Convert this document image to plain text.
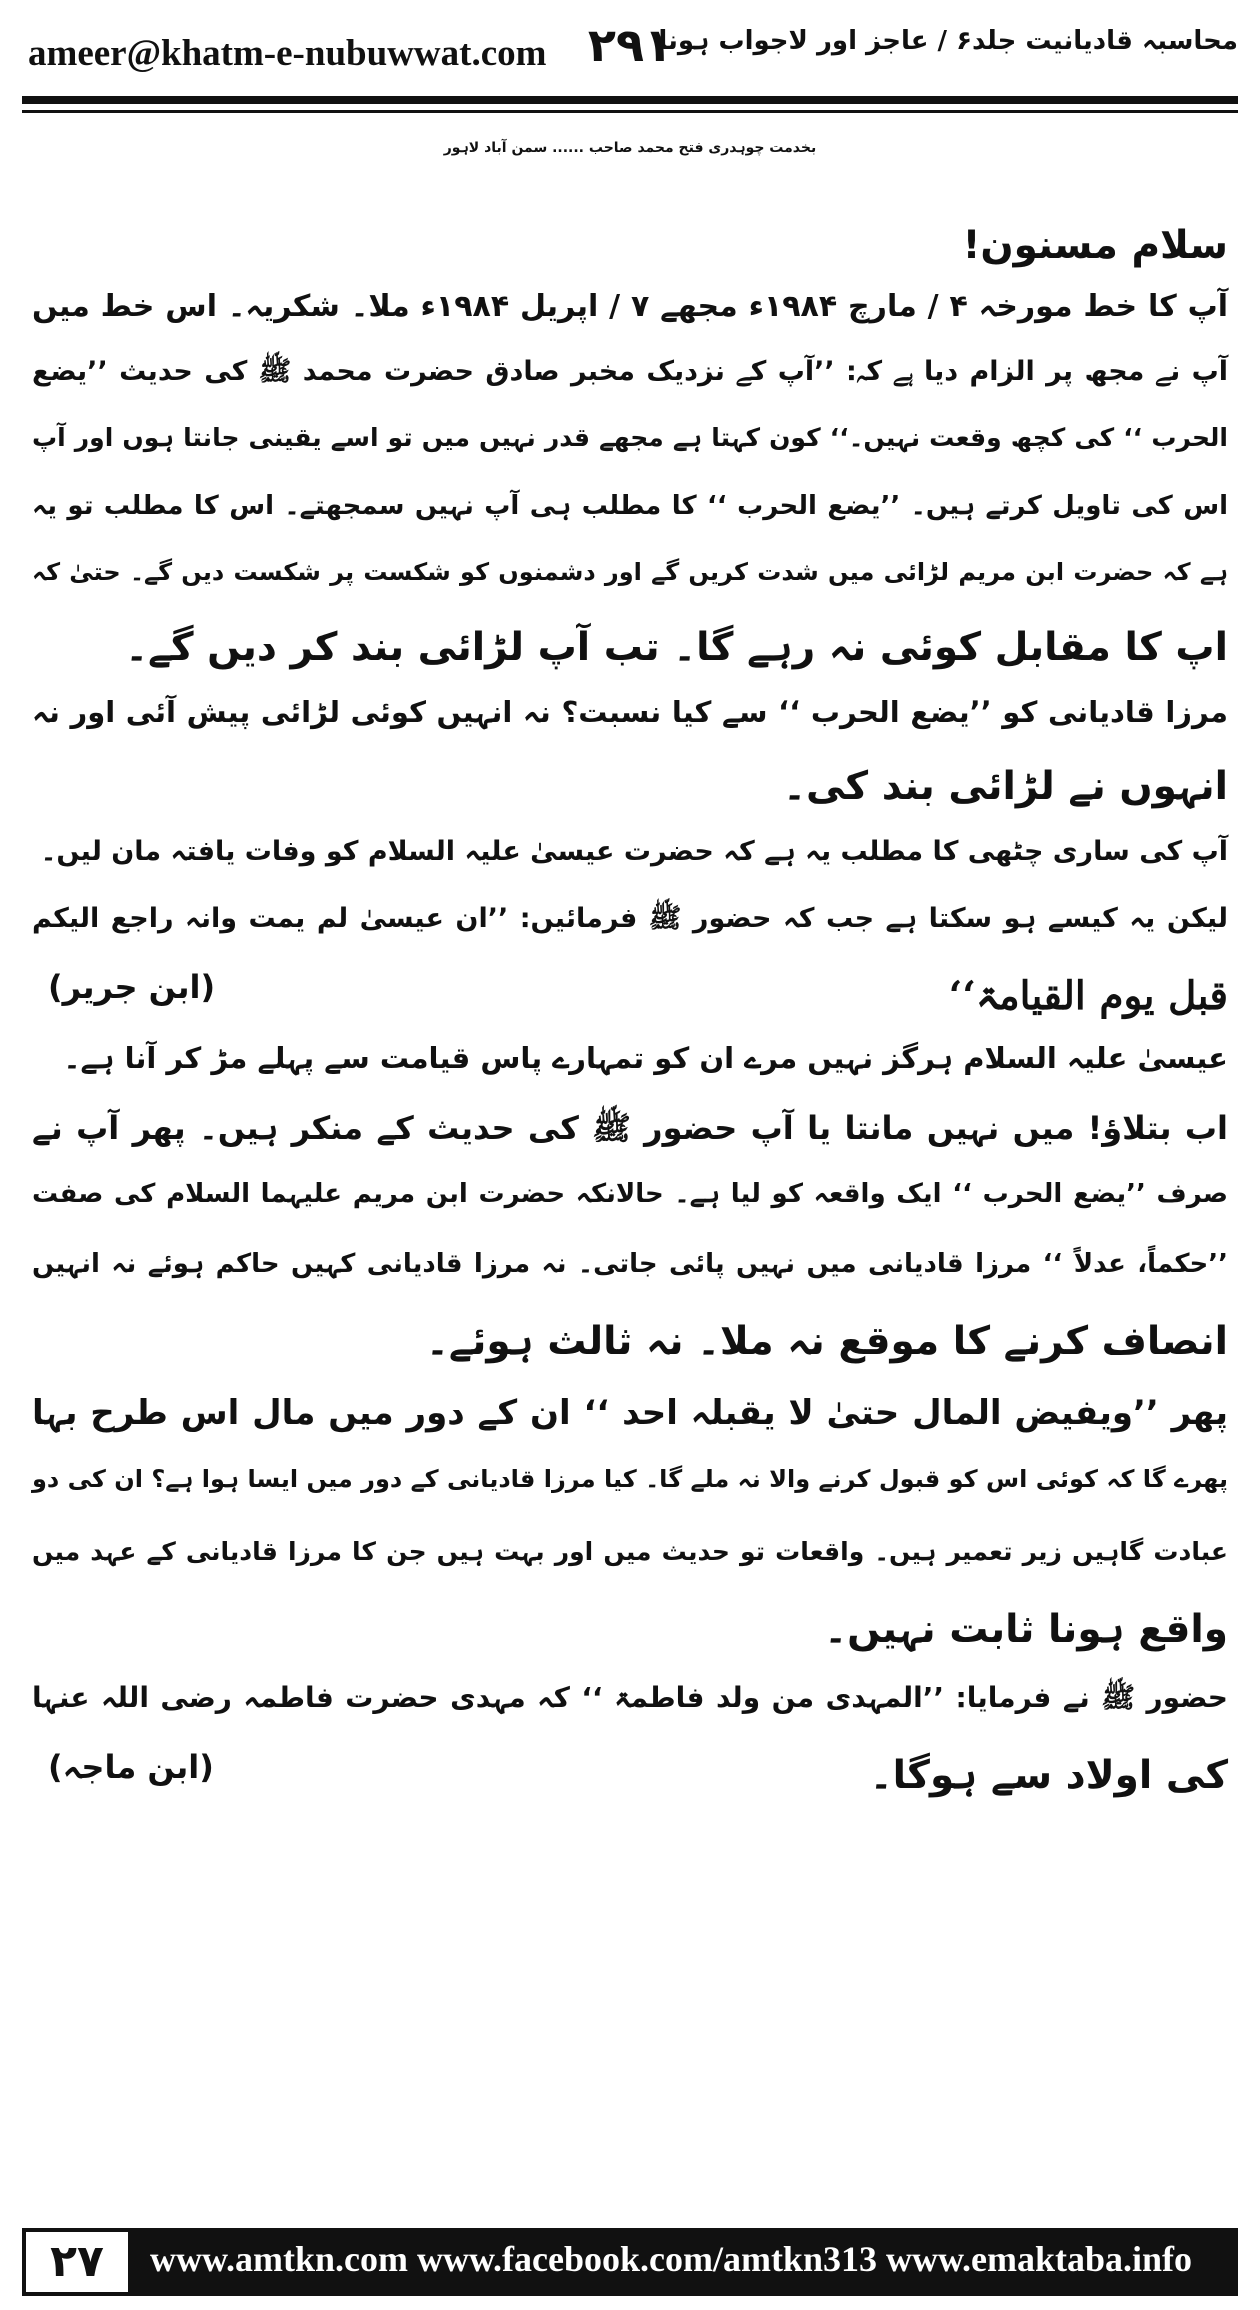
ameer@khatm-e-nubuwwat.com ۲۹۱
محاسبہ قادیانیت جلد۶ / عاجز اور لاجواب ہونا
بخدمت چوہدری فتح محمد صاحب ...... سمن آباد لاہور
سلام مسنون!
آپ کا خط مورخہ ۴ / مارچ ۱۹۸۴ء مجھے ۷ / اپریل ۱۹۸۴ء ملا۔ شکریہ۔ اس خط میں
آپ نے مجھ پر الزام دیا ہے کہ: ’’آپ کے نزدیک مخبر صادق حضرت محمد ﷺ کی حدیث ’’یضع
الحرب ‘‘ کی کچھ وقعت نہیں۔‘‘ کون کہتا ہے مجھے قدر نہیں میں تو اسے یقینی جانتا ہوں اور آپ
اس کی تاویل کرتے ہیں۔ ’’یضع الحرب ‘‘ کا مطلب ہی آپ نہیں سمجھتے۔ اس کا مطلب تو یہ
ہے کہ حضرت ابن مریم لڑائی میں شدت کریں گے اور دشمنوں کو شکست پر شکست دیں گے۔ حتیٰ کہ
اپ کا مقابل کوئی نہ رہے گا۔ تب آپ لڑائی بند کر دیں گے۔
مرزا قادیانی کو ’’یضع الحرب ‘‘ سے کیا نسبت؟ نہ انہیں کوئی لڑائی پیش آئی اور نہ
انہوں نے لڑائی بند کی۔
آپ کی ساری چٹھی کا مطلب یہ ہے کہ حضرت عیسیٰ علیہ السلام کو وفات یافتہ مان لیں۔
لیکن یہ کیسے ہو سکتا ہے جب کہ حضور ﷺ فرمائیں: ’’ان عیسیٰ لم یمت وانہ راجع الیکم
قبل یوم القیامۃ‘‘
(ابن جریر)
عیسیٰ علیہ السلام ہرگز نہیں مرے ان کو تمہارے پاس قیامت سے پہلے مڑ کر آنا ہے۔
اب بتلاؤ! میں نہیں مانتا یا آپ حضور ﷺ کی حدیث کے منکر ہیں۔ پھر آپ نے
صرف ’’یضع الحرب ‘‘ ایک واقعہ کو لیا ہے۔ حالانکہ حضرت ابن مریم علیہما السلام کی صفت
’’حکماً، عدلاً ‘‘ مرزا قادیانی میں نہیں پائی جاتی۔ نہ مرزا قادیانی کہیں حاکم ہوئے نہ انہیں
انصاف کرنے کا موقع نہ ملا۔ نہ ثالث ہوئے۔
پھر ’’ویفیض المال حتیٰ لا یقبلہ احد ‘‘ ان کے دور میں مال اس طرح بہا
پھرے گا کہ کوئی اس کو قبول کرنے والا نہ ملے گا۔ کیا مرزا قادیانی کے دور میں ایسا ہوا ہے؟ ان کی دو
عبادت گاہیں زیر تعمیر ہیں۔ واقعات تو حدیث میں اور بہت ہیں جن کا مرزا قادیانی کے عہد میں
واقع ہونا ثابت نہیں۔
حضور ﷺ نے فرمایا: ’’المہدی من ولد فاطمۃ ‘‘ کہ مہدی حضرت فاطمہ رضی اللہ عنہا
کی اولاد سے ہوگا۔
(ابن ماجہ)
۲۷	www.amtkn.com www.facebook.com/amtkn313 www.emaktaba.info
